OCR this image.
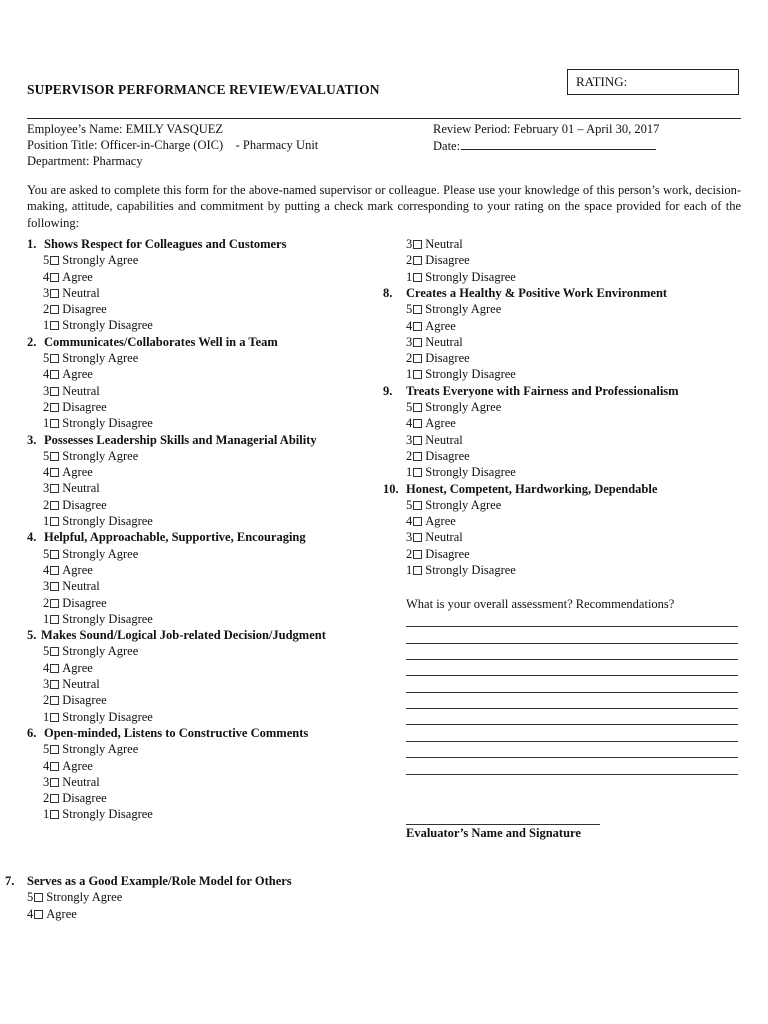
SUPERVISOR PERFORMANCE REVIEW/EVALUATION
RATING:
Employee’s Name: EMILY VASQUEZ
Position Title: Officer-in-Charge (OIC)    - Pharmacy Unit
Department: Pharmacy
Review Period: February 01 – April 30, 2017
Date:
You are asked to complete this form for the above-named supervisor or colleague. Please use your knowledge of this person’s work, decision-making, attitude, capabilities and commitment by putting a check mark corresponding to your rating on the space provided for each of the following:
1. Shows Respect for Colleagues and Customers
5 Strongly Agree
4 Agree
3 Neutral
2 Disagree
1 Strongly Disagree
2. Communicates/Collaborates Well in a Team
5 Strongly Agree
4 Agree
3 Neutral
2 Disagree
1 Strongly Disagree
3. Possesses Leadership Skills and Managerial Ability
5 Strongly Agree
4 Agree
3 Neutral
2 Disagree
1 Strongly Disagree
4. Helpful, Approachable, Supportive, Encouraging
5 Strongly Agree
4 Agree
3 Neutral
2 Disagree
1 Strongly Disagree
5. Makes Sound/Logical Job-related Decision/Judgment
5 Strongly Agree
4 Agree
3 Neutral
2 Disagree
1 Strongly Disagree
6. Open-minded, Listens to Constructive Comments
5 Strongly Agree
4 Agree
3 Neutral
2 Disagree
1 Strongly Disagree
7. Serves as a Good Example/Role Model for Others
5 Strongly Agree
4 Agree
3 Neutral
2 Disagree
1 Strongly Disagree
8. Creates a Healthy & Positive Work Environment
5 Strongly Agree
4 Agree
3 Neutral
2 Disagree
1 Strongly Disagree
9. Treats Everyone with Fairness and Professionalism
5 Strongly Agree
4 Agree
3 Neutral
2 Disagree
1 Strongly Disagree
10. Honest, Competent, Hardworking, Dependable
5 Strongly Agree
4 Agree
3 Neutral
2 Disagree
1 Strongly Disagree
What is your overall assessment? Recommendations?
Evaluator’s Name and Signature
